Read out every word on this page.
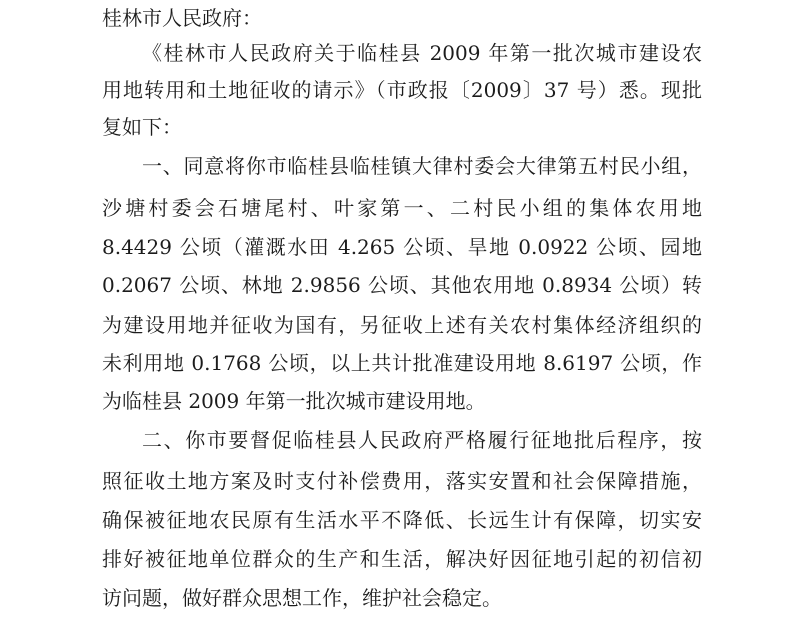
桂林市人民政府：
《桂林市人民政府关于临桂县 2009 年第一批次城市建设农
用地转用和土地征收的请示》（市政报〔2009〕37 号）悉。现批
复如下：
一、同意将你市临桂县临桂镇大律村委会大律第五村民小组，
沙塘村委会石塘尾村、叶家第一、二村民小组的集体农用地
8.4429 公顷（灌溉水田 4.265 公顷、旱地 0.0922 公顷、园地
0.2067 公顷、林地 2.9856 公顷、其他农用地 0.8934 公顷）转
为建设用地并征收为国有，另征收上述有关农村集体经济组织的
未利用地 0.1768 公顷，以上共计批准建设用地 8.6197 公顷，作
为临桂县 2009 年第一批次城市建设用地。
二、你市要督促临桂县人民政府严格履行征地批后程序，按
照征收土地方案及时支付补偿费用，落实安置和社会保障措施，
确保被征地农民原有生活水平不降低、长远生计有保障，切实安
排好被征地单位群众的生产和生活，解决好因征地引起的初信初
访问题，做好群众思想工作，维护社会稳定。
